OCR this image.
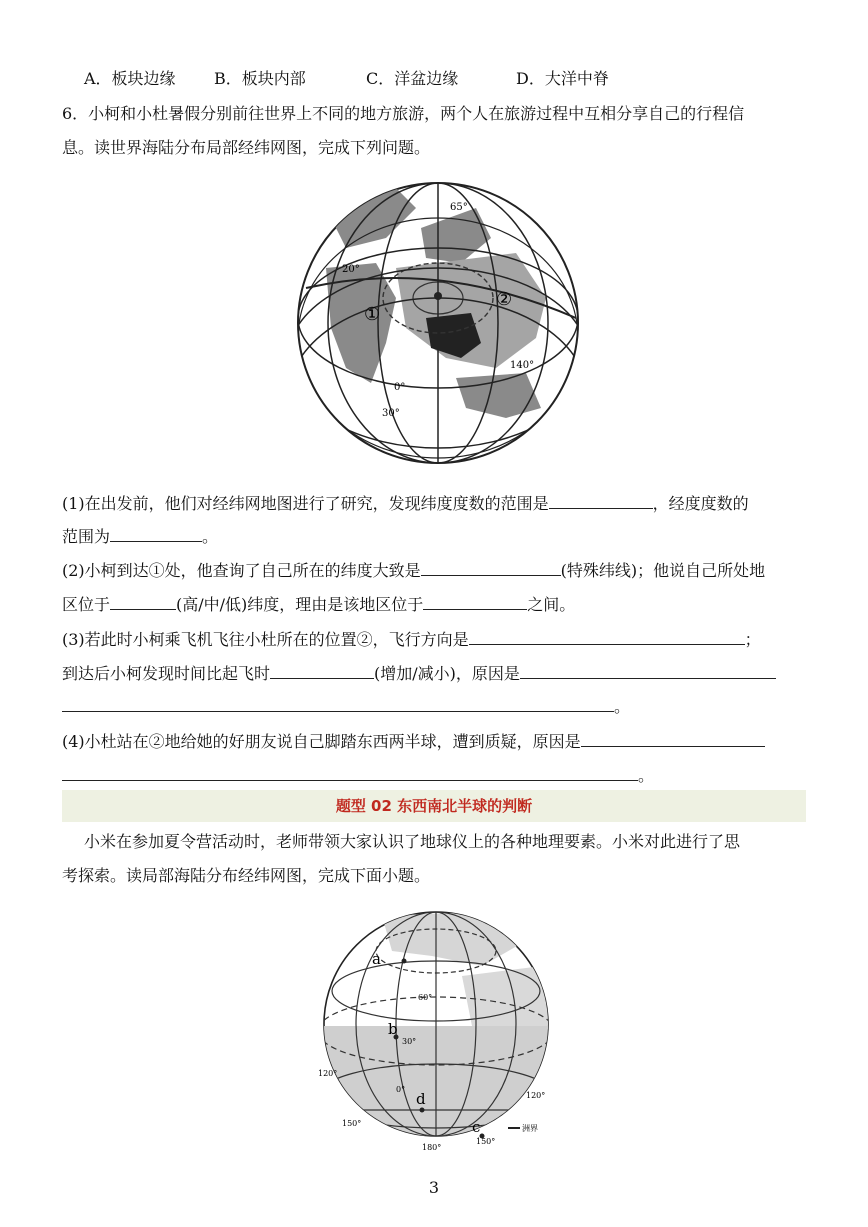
A．板块边缘 B．板块内部	C．洋盆边缘	D．大洋中脊
6．小柯和小杜暑假分别前往世界上不同的地方旅游，两个人在旅游过程中互相分享自己的行程信
息。读世界海陆分布局部经纬网图，完成下列问题。
①
②
20°
0°
30°
140°
65°
(1)在出发前，他们对经纬网地图进行了研究，发现纬度度数的范围是	，经度度数的
范围为	。
(2)小柯到达①处，他查询了自己所在的纬度大致是	(特殊纬线)；他说自己所处地
区位于	(高/中/低)纬度，理由是该地区位于	之间。
(3)若此时小柯乘飞机飞往小杜所在的位置②，飞行方向是	；
到达后小柯发现时间比起飞时	(增加/减小)，原因是
。
(4)小杜站在②地给她的好朋友说自己脚踏东西两半球，遭到质疑，原因是
。
题型 02 东西南北半球的判断
小米在参加夏令营活动时，老师带领大家认识了地球仪上的各种地理要素。小米对此进行了思
考探索。读局部海陆分布经纬网图，完成下面小题。
a
b
c
d
60°
30°
0°
120°
150°
180°
150°
120°
洲界
3
